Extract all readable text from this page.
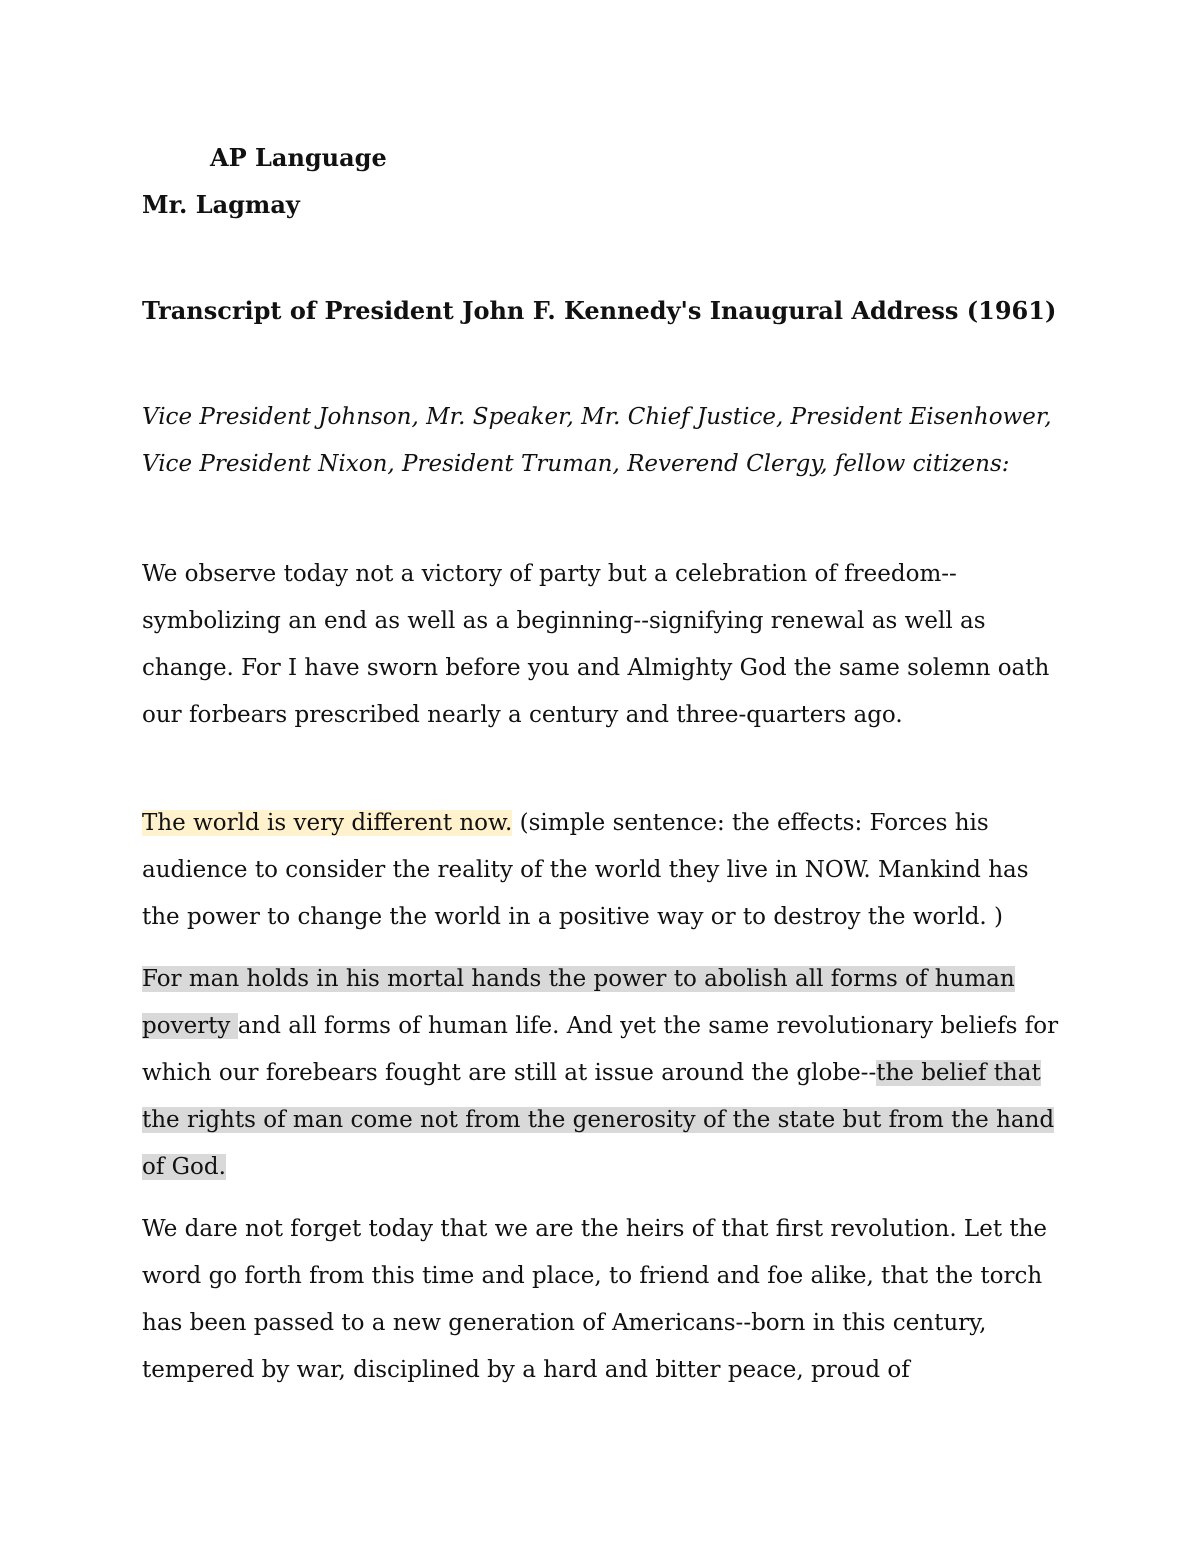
AP Language
Mr. Lagmay
Transcript of President John F. Kennedy's Inaugural Address (1961)

Vice President Johnson, Mr. Speaker, Mr. Chief Justice, President Eisenhower, Vice President Nixon, President Truman, Reverend Clergy, fellow citizens:

We observe today not a victory of party but a celebration of freedom--symbolizing an end as well as a beginning--signifying renewal as well as change. For I have sworn before you and Almighty God the same solemn oath our forbears prescribed nearly a century and three-quarters ago.

The world is very different now. (simple sentence: the effects: Forces his audience to consider the reality of the world they live in NOW. Mankind has the power to change the world in a positive way or to destroy the world. )

For man holds in his mortal hands the power to abolish all forms of human poverty and all forms of human life. And yet the same revolutionary beliefs for which our forebears fought are still at issue around the globe--the belief that the rights of man come not from the generosity of the state but from the hand of God.

We dare not forget today that we are the heirs of that first revolution. Let the word go forth from this time and place, to friend and foe alike, that the torch has been passed to a new generation of Americans--born in this century, tempered by war, disciplined by a hard and bitter peace, proud of
